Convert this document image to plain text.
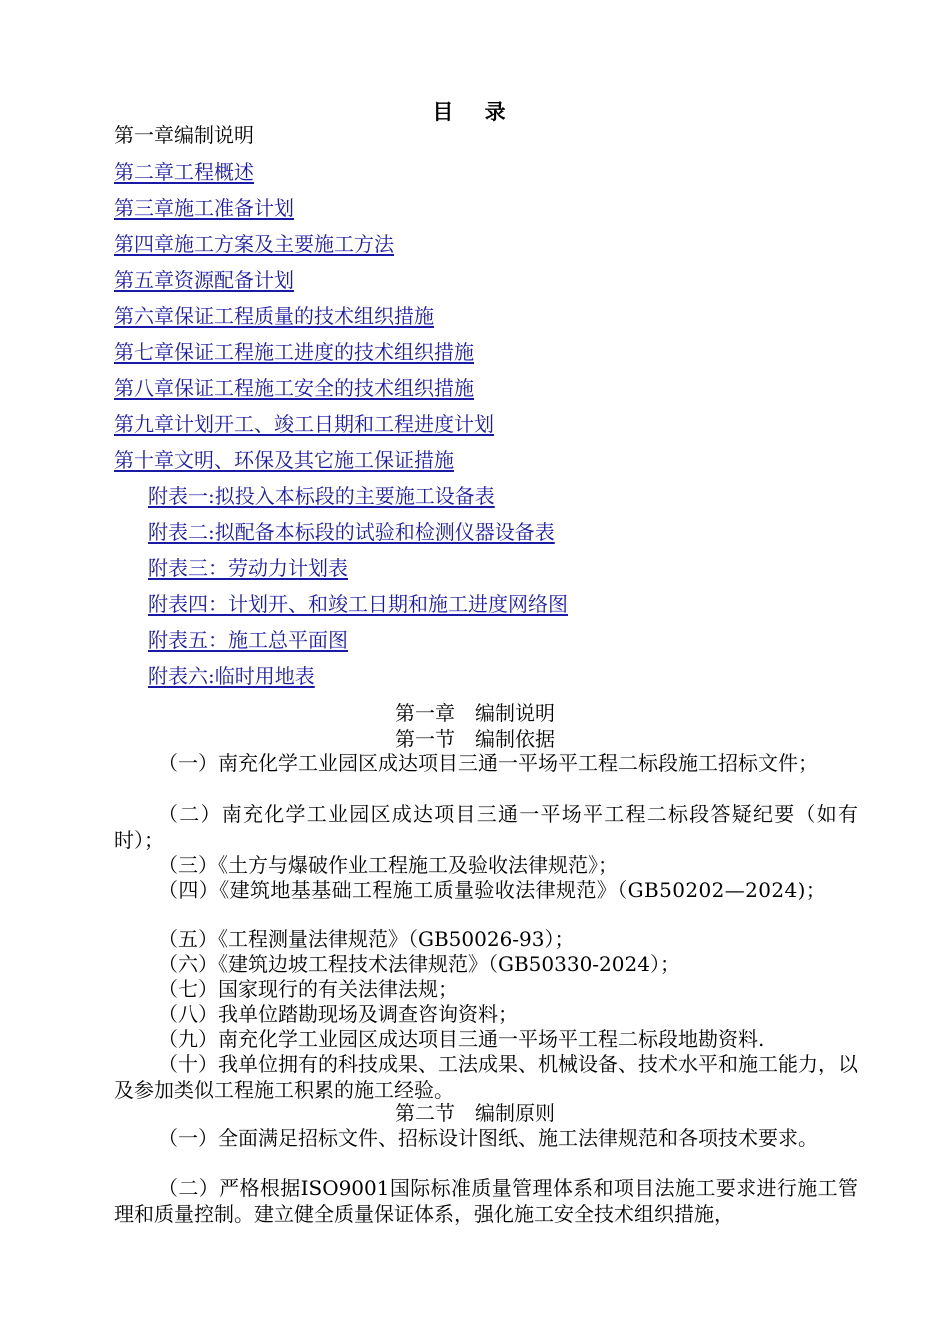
目 录
第一章编制说明
第二章工程概述
第三章施工准备计划
第四章施工方案及主要施工方法
第五章资源配备计划
第六章保证工程质量的技术组织措施
第七章保证工程施工进度的技术组织措施
第八章保证工程施工安全的技术组织措施
第九章计划开工、竣工日期和工程进度计划
第十章文明、环保及其它施工保证措施
附表一:拟投入本标段的主要施工设备表
附表二:拟配备本标段的试验和检测仪器设备表
附表三：劳动力计划表
附表四：计划开、和竣工日期和施工进度网络图
附表五：施工总平面图
附表六:临时用地表
第一章　编制说明
第一节　编制依据
（一）南充化学工业园区成达项目三通一平场平工程二标段施工招标文件；
（二）南充化学工业园区成达项目三通一平场平工程二标段答疑纪要（如有时）；
（三）《土方与爆破作业工程施工及验收法律规范》；
（四）《建筑地基基础工程施工质量验收法律规范》（GB50202—2024)；
（五）《工程测量法律规范》（GB50026-93）；
（六）《建筑边坡工程技术法律规范》（GB50330-2024）；
（七）国家现行的有关法律法规；
（八）我单位踏勘现场及调查咨询资料；
（九）南充化学工业园区成达项目三通一平场平工程二标段地勘资料.
（十）我单位拥有的科技成果、工法成果、机械设备、技术水平和施工能力，以及参加类似工程施工积累的施工经验。
第二节　编制原则
（一）全面满足招标文件、招标设计图纸、施工法律规范和各项技术要求。
（二）严格根据ISO9001国际标准质量管理体系和项目法施工要求进行施工管理和质量控制。建立健全质量保证体系，强化施工安全技术组织措施，
